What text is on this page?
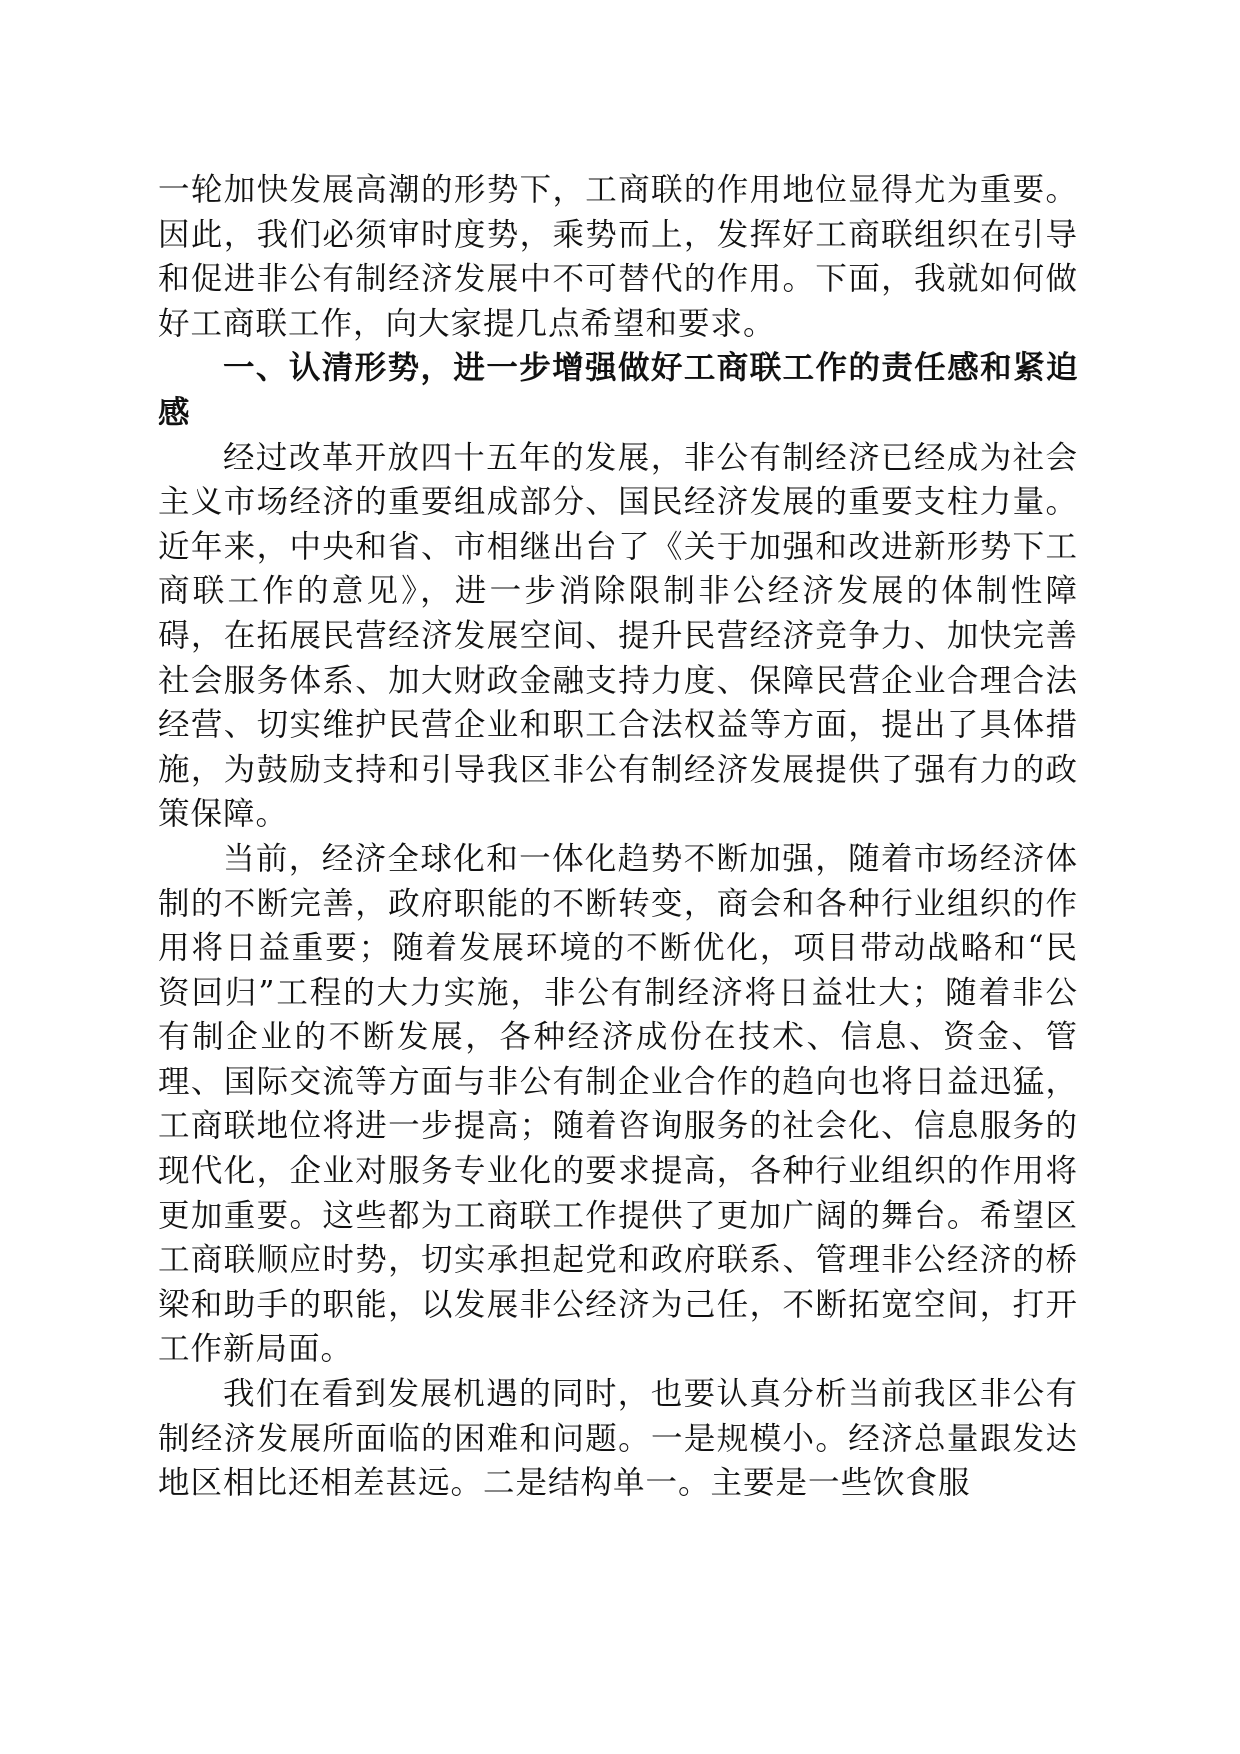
一轮加快发展高潮的形势下，工商联的作用地位显得尤为重要。因此，我们必须审时度势，乘势而上，发挥好工商联组织在引导和促进非公有制经济发展中不可替代的作用。下面，我就如何做好工商联工作，向大家提几点希望和要求。

一、认清形势，进一步增强做好工商联工作的责任感和紧迫感

经过改革开放四十五年的发展，非公有制经济已经成为社会主义市场经济的重要组成部分、国民经济发展的重要支柱力量。近年来，中央和省、市相继出台了《关于加强和改进新形势下工商联工作的意见》，进一步消除限制非公经济发展的体制性障碍，在拓展民营经济发展空间、提升民营经济竞争力、加快完善社会服务体系、加大财政金融支持力度、保障民营企业合理合法经营、切实维护民营企业和职工合法权益等方面，提出了具体措施，为鼓励支持和引导我区非公有制经济发展提供了强有力的政策保障。

当前，经济全球化和一体化趋势不断加强，随着市场经济体制的不断完善，政府职能的不断转变，商会和各种行业组织的作用将日益重要；随着发展环境的不断优化，项目带动战略和“民资回归”工程的大力实施，非公有制经济将日益壮大；随着非公有制企业的不断发展，各种经济成份在技术、信息、资金、管理、国际交流等方面与非公有制企业合作的趋向也将日益迅猛，工商联地位将进一步提高；随着咨询服务的社会化、信息服务的现代化，企业对服务专业化的要求提高，各种行业组织的作用将更加重要。这些都为工商联工作提供了更加广阔的舞台。希望区工商联顺应时势，切实承担起党和政府联系、管理非公经济的桥梁和助手的职能，以发展非公经济为己任，不断拓宽空间，打开工作新局面。

我们在看到发展机遇的同时，也要认真分析当前我区非公有制经济发展所面临的困难和问题。一是规模小。经济总量跟发达地区相比还相差甚远。二是结构单一。主要是一些饮食服
